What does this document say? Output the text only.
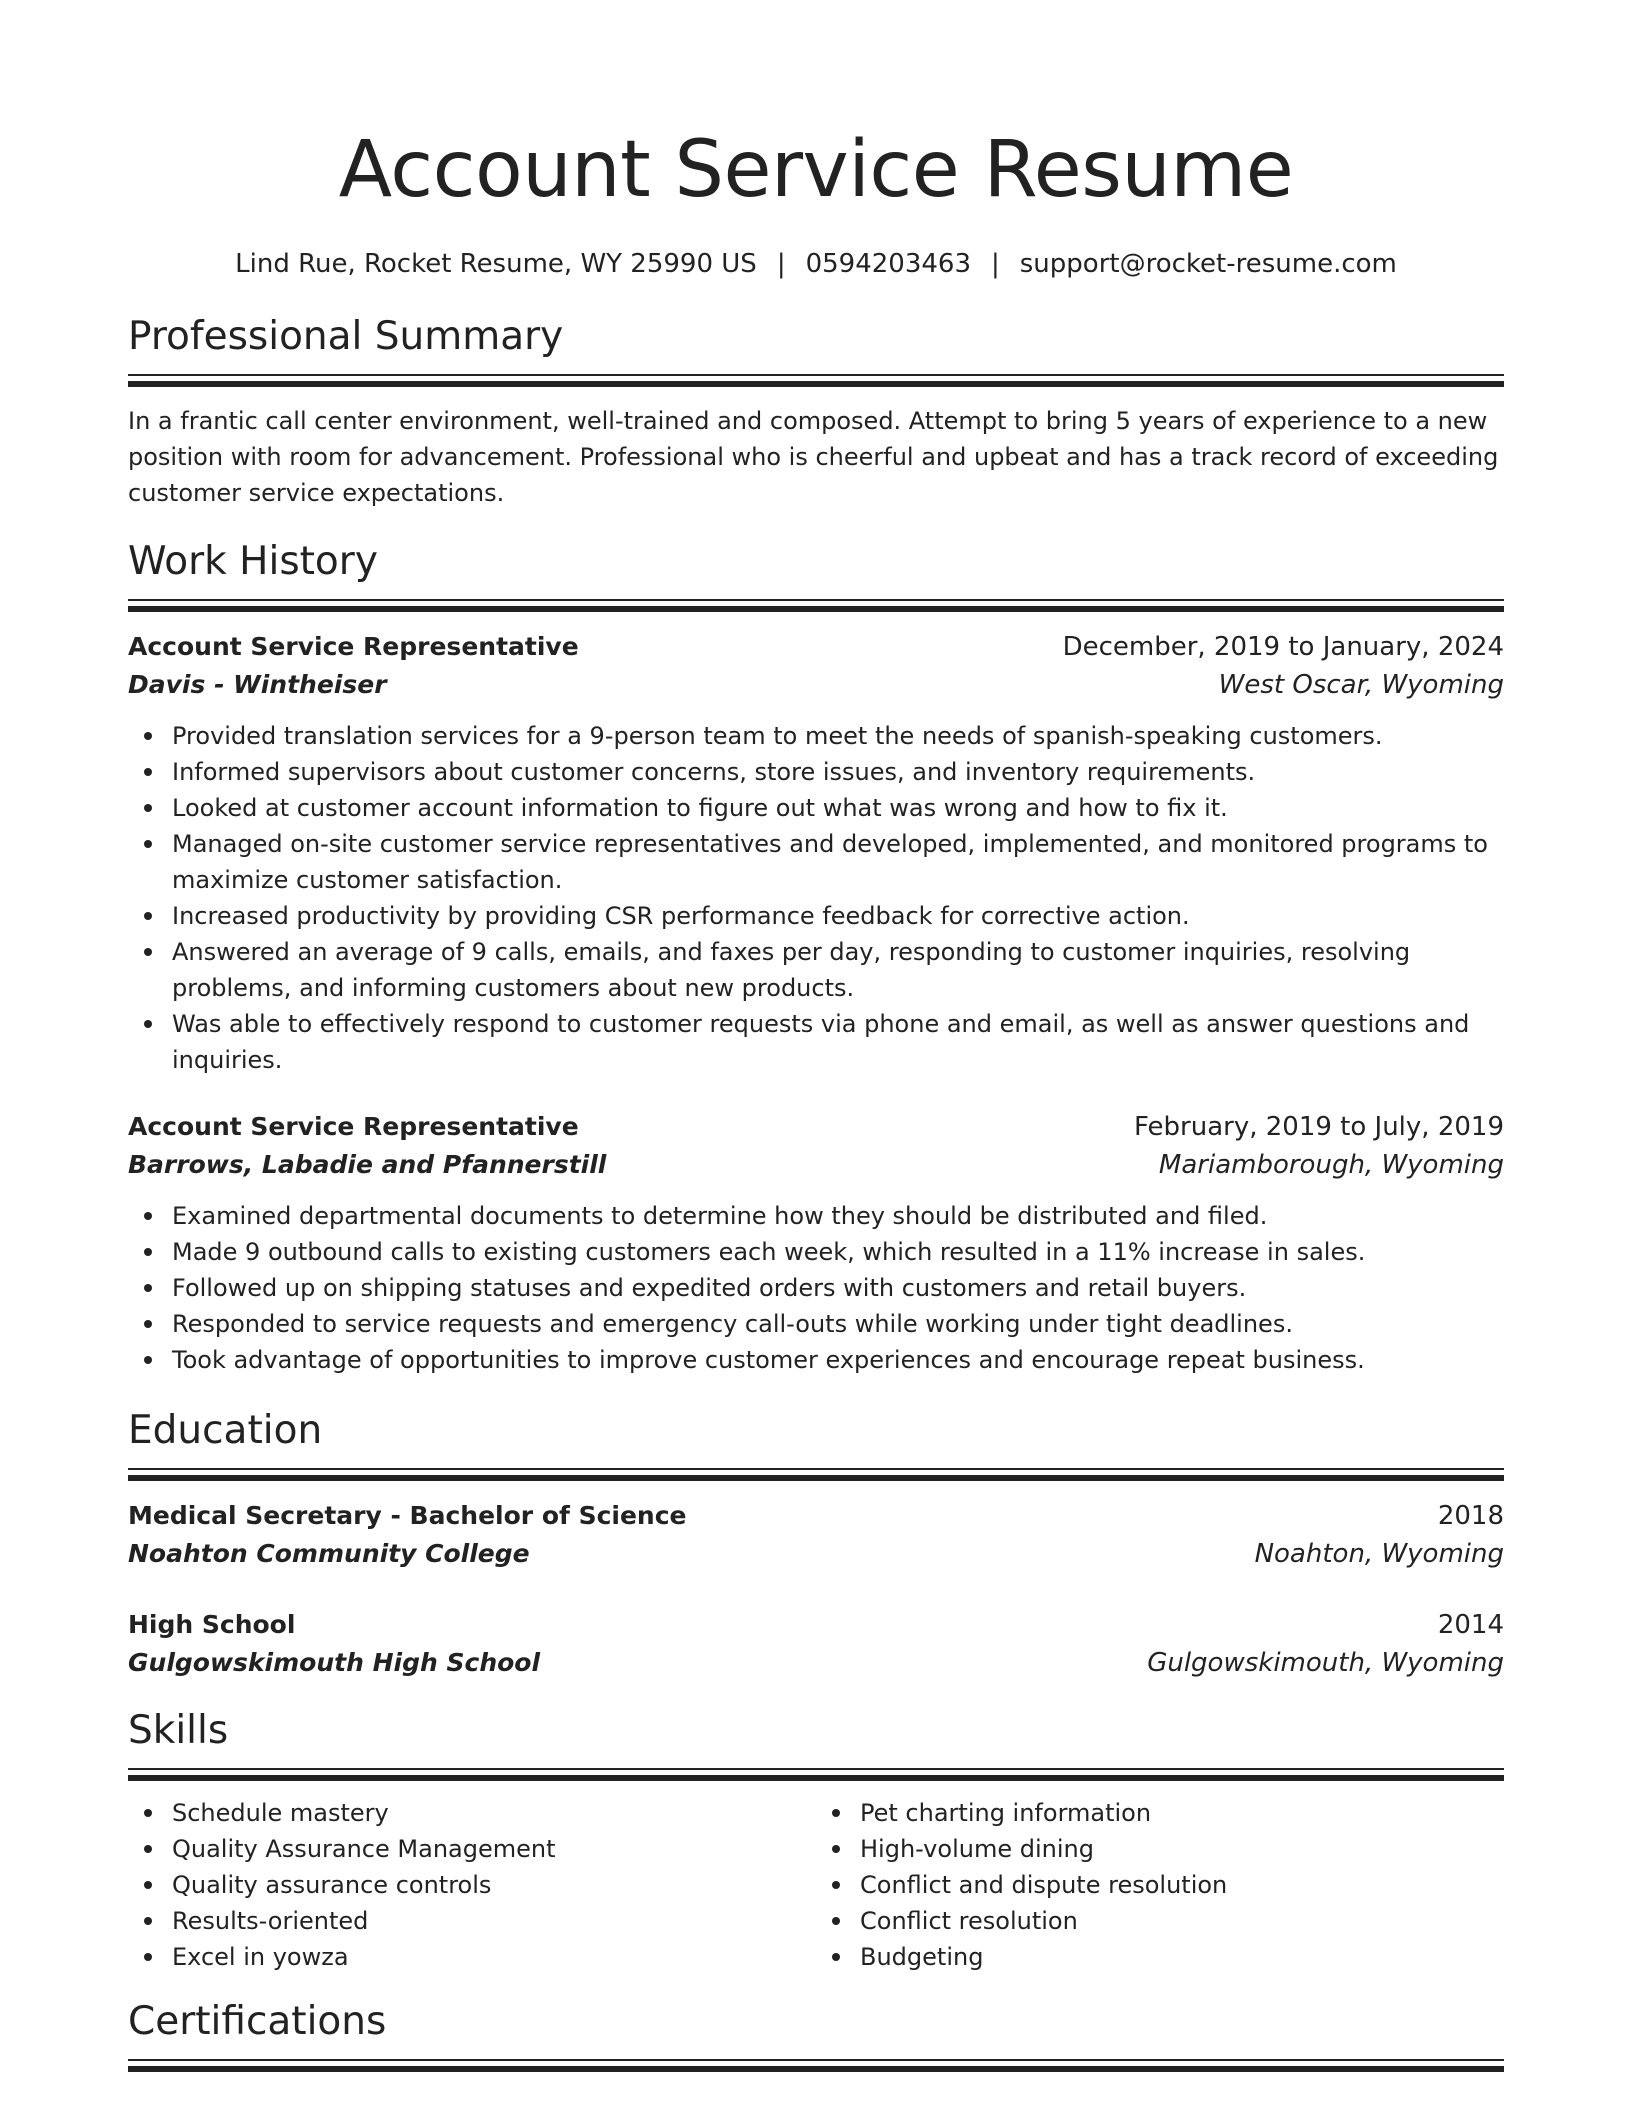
Account Service Resume
Lind Rue, Rocket Resume, WY 25990 US | 0594203463 | support@rocket-resume.com
Professional Summary

In a frantic call center environment, well-trained and composed. Attempt to bring 5 years of experience to a new position with room for advancement. Professional who is cheerful and upbeat and has a track record of exceeding customer service expectations.

Work History
Account Service Representative	December, 2019 to January, 2024
Davis - Wintheiser	West Oscar, Wyoming
Provided translation services for a 9-person team to meet the needs of spanish-speaking customers.
Informed supervisors about customer concerns, store issues, and inventory requirements.
Looked at customer account information to figure out what was wrong and how to fix it.
Managed on-site customer service representatives and developed, implemented, and monitored programs to maximize customer satisfaction.
Increased productivity by providing CSR performance feedback for corrective action.
Answered an average of 9 calls, emails, and faxes per day, responding to customer inquiries, resolving problems, and informing customers about new products.
Was able to effectively respond to customer requests via phone and email, as well as answer questions and inquiries.
Account Service Representative	February, 2019 to July, 2019
Barrows, Labadie and Pfannerstill	Mariamborough, Wyoming
Examined departmental documents to determine how they should be distributed and filed.
Made 9 outbound calls to existing customers each week, which resulted in a 11% increase in sales.
Followed up on shipping statuses and expedited orders with customers and retail buyers.
Responded to service requests and emergency call-outs while working under tight deadlines.
Took advantage of opportunities to improve customer experiences and encourage repeat business.
Education
Medical Secretary - Bachelor of Science	2018
Noahton Community College	Noahton, Wyoming
High School	2014
Gulgowskimouth High School	Gulgowskimouth, Wyoming
Skills
Schedule mastery
Quality Assurance Management
Quality assurance controls
Results-oriented
Excel in yowza
Pet charting information
High-volume dining
Conflict and dispute resolution
Conflict resolution
Budgeting
Certifications
